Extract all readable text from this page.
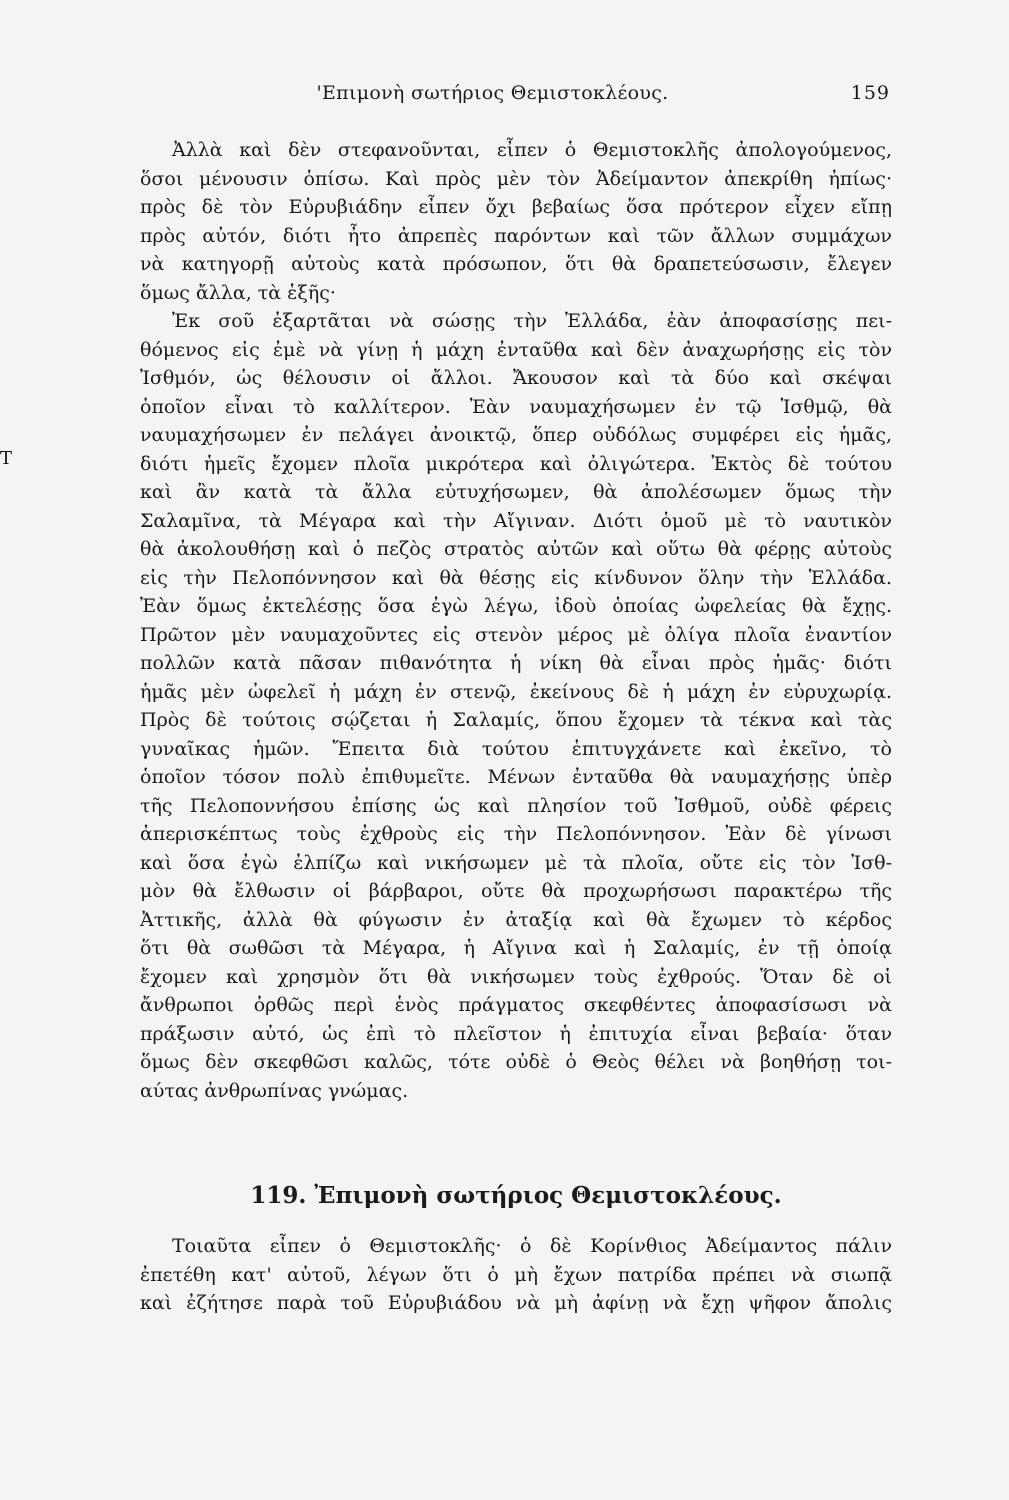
'Επιμονὴ σωτήριος Θεμιστοκλέους.	159
Τ
Ἀλλὰ καὶ δὲν στεφανοῦνται, εἶπεν ὁ Θεμιστοκλῆς ἀπολογούμενος,
ὅσοι μένουσιν ὀπίσω. Καὶ πρὸς μὲν τὸν Ἀδείμαντον ἀπεκρίθη ἠπίως·
πρὸς δὲ τὸν Εὐρυβιάδην εἶπεν ὄχι βεβαίως ὅσα πρότερον εἶχεν εἴπῃ
πρὸς αὐτόν, διότι ἦτο ἀπρεπὲς παρόντων καὶ τῶν ἄλλων συμμάχων
νὰ κατηγορῇ αὐτοὺς κατὰ πρόσωπον, ὅτι θὰ δραπετεύσωσιν, ἔλεγεν
ὅμως ἄλλα, τὰ ἑξῆς·
Ἐκ σοῦ ἐξαρτᾶται νὰ σώσῃς τὴν Ἑλλάδα, ἐὰν ἀποφασίσῃς πει-
θόμενος εἰς ἐμὲ νὰ γίνῃ ἡ μάχη ἐνταῦθα καὶ δὲν ἀναχωρήσῃς εἰς τὸν
Ἰσθμόν, ὡς θέλουσιν οἱ ἄλλοι. Ἄκουσον καὶ τὰ δύο καὶ σκέψαι
ὁποῖον εἶναι τὸ καλλίτερον. Ἐὰν ναυμαχήσωμεν ἐν τῷ Ἰσθμῷ, θὰ
ναυμαχήσωμεν ἐν πελάγει ἀνοικτῷ, ὅπερ οὐδόλως συμφέρει εἰς ἡμᾶς,
διότι ἡμεῖς ἔχομεν πλοῖα μικρότερα καὶ ὀλιγώτερα. Ἐκτὸς δὲ τούτου
καὶ ἂν κατὰ τὰ ἄλλα εὐτυχήσωμεν, θὰ ἀπολέσωμεν ὅμως τὴν
Σαλαμῖνα, τὰ Μέγαρα καὶ τὴν Αἴγιναν. Διότι ὁμοῦ μὲ τὸ ναυτικὸν
θὰ ἀκολουθήσῃ καὶ ὁ πεζὸς στρατὸς αὐτῶν καὶ οὕτω θὰ φέρῃς αὐτοὺς
εἰς τὴν Πελοπόννησον καὶ θὰ θέσῃς εἰς κίνδυνον ὅλην τὴν Ἑλλάδα.
Ἐὰν ὅμως ἐκτελέσῃς ὅσα ἐγὼ λέγω, ἰδοὺ ὁποίας ὠφελείας θὰ ἔχῃς.
Πρῶτον μὲν ναυμαχοῦντες εἰς στενὸν μέρος μὲ ὀλίγα πλοῖα ἐναντίον
πολλῶν κατὰ πᾶσαν πιθανότητα ἡ νίκη θὰ εἶναι πρὸς ἡμᾶς· διότι
ἡμᾶς μὲν ὠφελεῖ ἡ μάχη ἐν στενῷ, ἐκείνους δὲ ἡ μάχη ἐν εὐρυχωρίᾳ.
Πρὸς δὲ τούτοις σῴζεται ἡ Σαλαμίς, ὅπου ἔχομεν τὰ τέκνα καὶ τὰς
γυναῖκας ἡμῶν. Ἔπειτα διὰ τούτου ἐπιτυγχάνετε καὶ ἐκεῖνο, τὸ
ὁποῖον τόσον πολὺ ἐπιθυμεῖτε. Μένων ἐνταῦθα θὰ ναυμαχήσῃς ὑπὲρ
τῆς Πελοποννήσου ἐπίσης ὡς καὶ πλησίον τοῦ Ἰσθμοῦ, οὐδὲ φέρεις
ἀπερισκέπτως τοὺς ἐχθροὺς εἰς τὴν Πελοπόννησον. Ἐὰν δὲ γίνωσι
καὶ ὅσα ἐγὼ ἐλπίζω καὶ νικήσωμεν μὲ τὰ πλοῖα, οὔτε εἰς τὸν Ἰσθ-
μὸν θὰ ἔλθωσιν οἱ βάρβαροι, οὔτε θὰ προχωρήσωσι παρακτέρω τῆς
Ἀττικῆς, ἀλλὰ θὰ φύγωσιν ἐν ἀταξίᾳ καὶ θὰ ἔχωμεν τὸ κέρδος
ὅτι θὰ σωθῶσι τὰ Μέγαρα, ἡ Αἴγινα καὶ ἡ Σαλαμίς, ἐν τῇ ὁποίᾳ
ἔχομεν καὶ χρησμὸν ὅτι θὰ νικήσωμεν τοὺς ἐχθρούς. Ὅταν δὲ οἱ
ἄνθρωποι ὀρθῶς περὶ ἑνὸς πράγματος σκεφθέντες ἀποφασίσωσι νὰ
πράξωσιν αὐτό, ὡς ἐπὶ τὸ πλεῖστον ἡ ἐπιτυχία εἶναι βεβαία· ὅταν
ὅμως δὲν σκεφθῶσι καλῶς, τότε οὐδὲ ὁ Θεὸς θέλει νὰ βοηθήσῃ τοι-
αύτας ἀνθρωπίνας γνώμας.
119. Ἐπιμονὴ σωτήριος Θεμιστοκλέους.
Τοιαῦτα εἶπεν ὁ Θεμιστοκλῆς· ὁ δὲ Κορίνθιος Ἀδείμαντος πάλιν
ἐπετέθη κατ' αὐτοῦ, λέγων ὅτι ὁ μὴ ἔχων πατρίδα πρέπει νὰ σιωπᾷ
καὶ ἐζήτησε παρὰ τοῦ Εὐρυβιάδου νὰ μὴ ἀφίνῃ νὰ ἔχῃ ψῆφον ἄπολις
